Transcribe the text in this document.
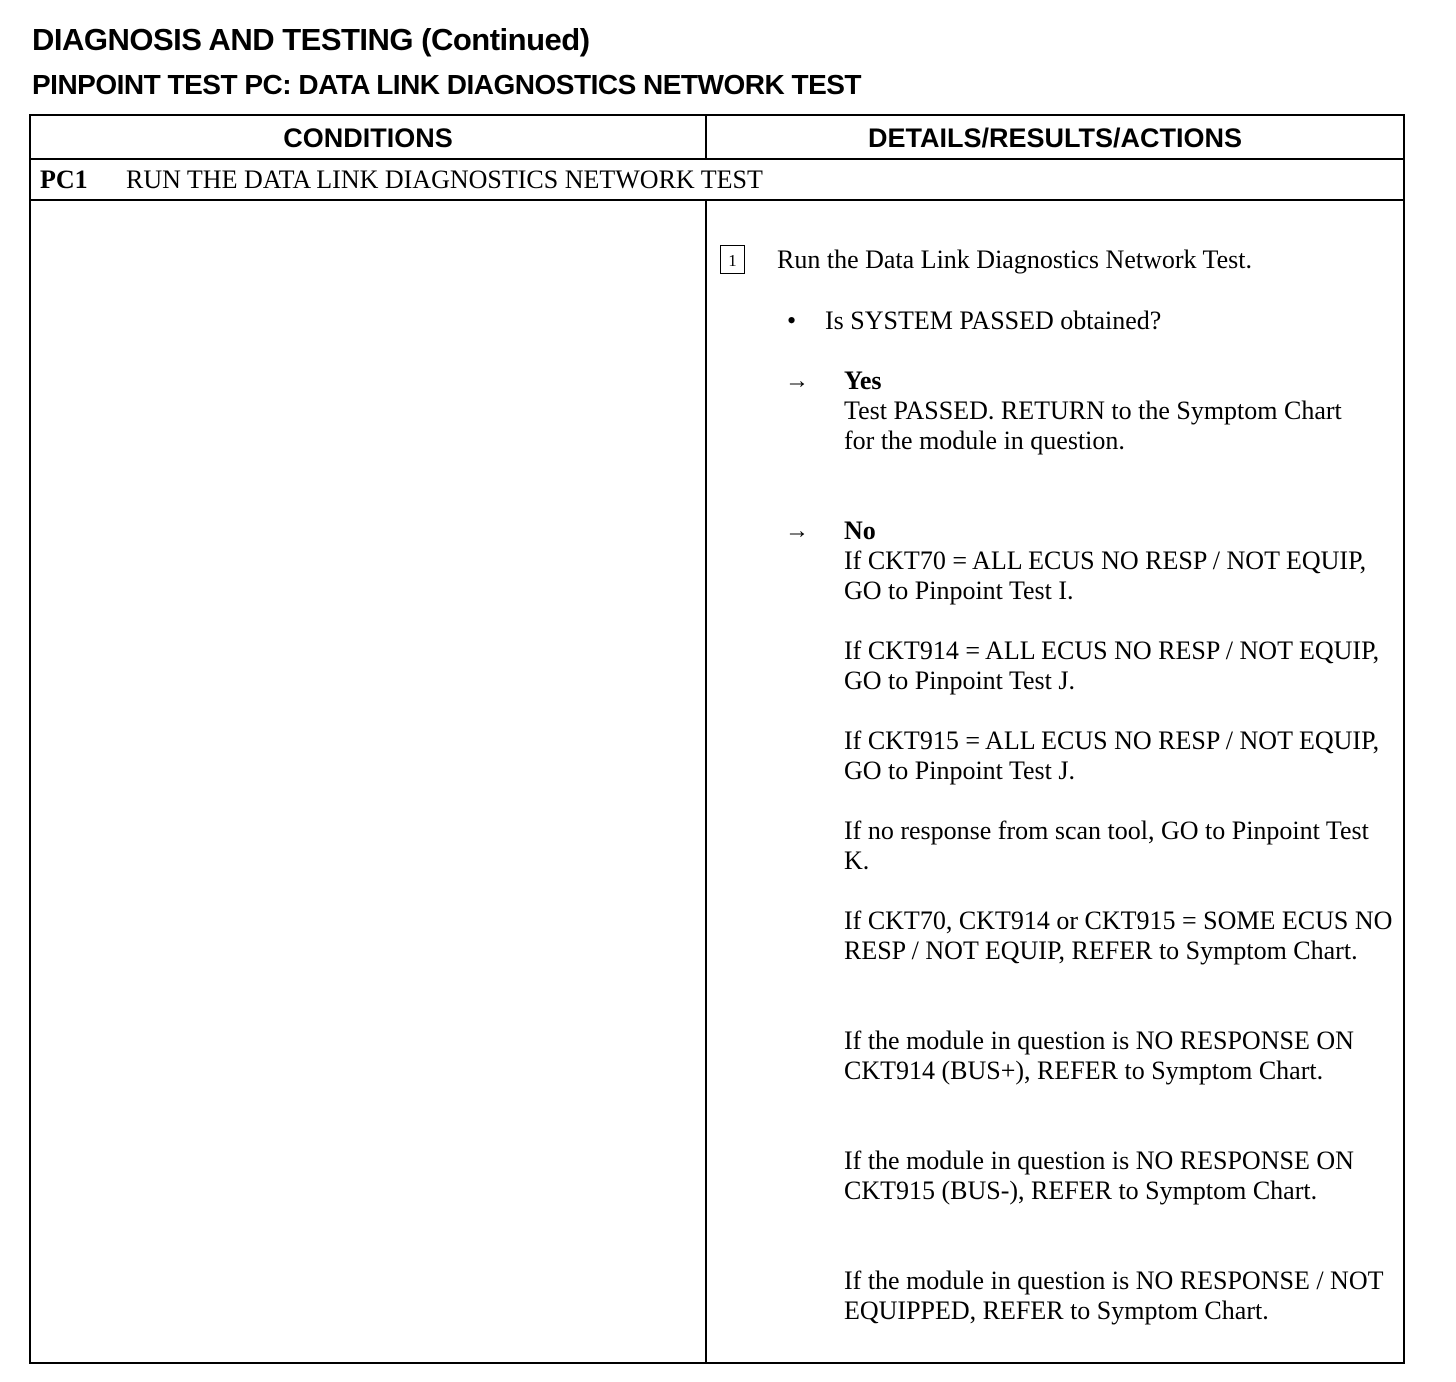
DIAGNOSIS AND TESTING (Continued)
PINPOINT TEST PC: DATA LINK DIAGNOSTICS NETWORK TEST
CONDITIONS	DETAILS/RESULTS/ACTIONS
PC1 RUN THE DATA LINK DIAGNOSTICS NETWORK TEST
1	Run the Data Link Diagnostics Network Test.
• Is SYSTEM PASSED obtained?
→ Yes
Test PASSED. RETURN to the Symptom Chart for the module in question.
→ No
If CKT70 = ALL ECUS NO RESP / NOT EQUIP, GO to Pinpoint Test I.
If CKT914 = ALL ECUS NO RESP / NOT EQUIP, GO to Pinpoint Test J.
If CKT915 = ALL ECUS NO RESP / NOT EQUIP, GO to Pinpoint Test J.
If no response from scan tool, GO to Pinpoint Test K.
If CKT70, CKT914 or CKT915 = SOME ECUS NO RESP / NOT EQUIP, REFER to Symptom Chart.
If the module in question is NO RESPONSE ON CKT914 (BUS+), REFER to Symptom Chart.
If the module in question is NO RESPONSE ON CKT915 (BUS-), REFER to Symptom Chart.
If the module in question is NO RESPONSE / NOT EQUIPPED, REFER to Symptom Chart.
